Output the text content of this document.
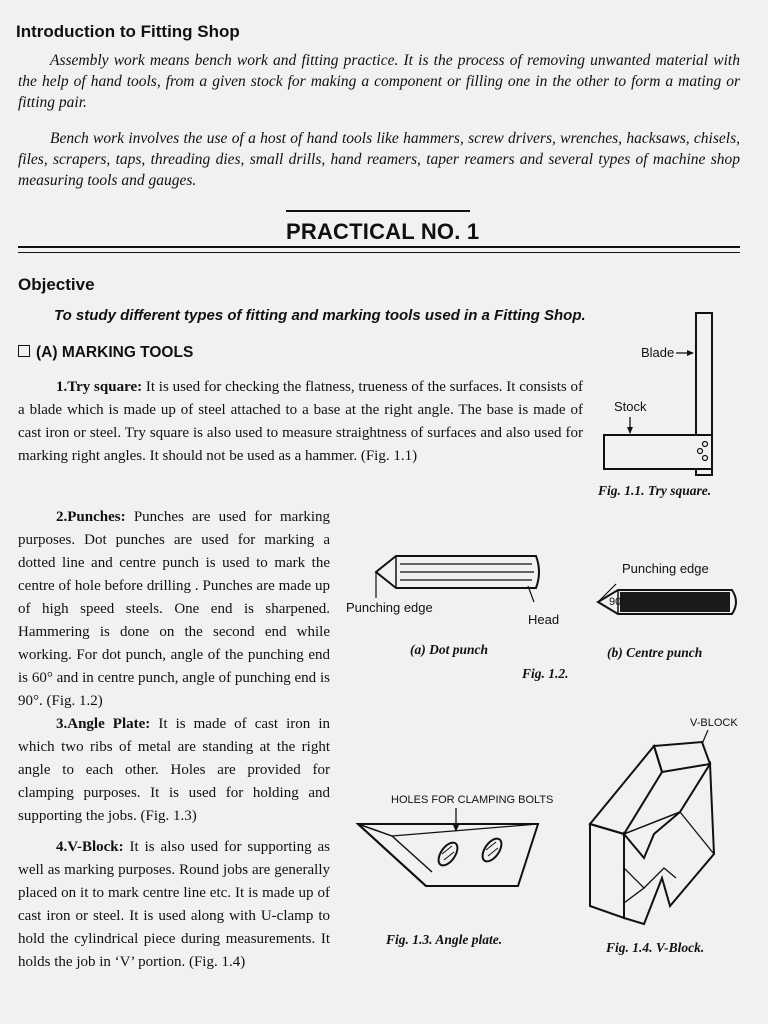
Introduction to Fitting Shop
Assembly work means bench work and fitting practice. It is the process of removing unwanted material with the help of hand tools, from a given stock for making a component or filling one in the other to form a mating or fitting pair.
Bench work involves the use of a host of hand tools like hammers, screw drivers, wrenches, hacksaws, chisels, files, scrapers, taps, threading dies, small drills, hand reamers, taper reamers and several types of machine shop measuring tools and gauges.
PRACTICAL NO. 1
Objective
To study different types of fitting and marking tools used in a Fitting Shop.
(A) MARKING TOOLS
1.Try square: It is used for checking the flatness, trueness of the surfaces. It consists of a blade which is made up of steel attached to a base at the right angle. The base is made of cast iron or steel. Try square is also used to measure straightness of surfaces and also used for marking right angles. It should not be used as a hammer. (Fig. 1.1)
2.Punches: Punches are used for marking purposes. Dot punches are used for marking a dotted line and centre punch is used to mark the centre of hole before drilling . Punches are made up of high speed steels. One end is sharpened. Hammering is done on the second end while working. For dot punch, angle of the punching end is 60° and in centre punch, angle of punching end is 90°. (Fig. 1.2)
3.Angle Plate: It is made of cast iron in which two ribs of metal are standing at the right angle to each other. Holes are provided for clamping purposes. It is used for holding and supporting the jobs. (Fig. 1.3)
4.V-Block: It is also used for supporting as well as marking purposes. Round jobs are generally placed on it to mark centre line etc. It is made up of cast iron or steel. It is used along with U-clamp to hold the cylindrical piece during measurements. It holds the job in ‘V’ portion. (Fig. 1.4)
Blade
Stock
Fig. 1.1. Try square.
Punching edge
Head
(a) Dot punch
Fig. 1.2.
Punching edge
90°
(b) Centre punch
HOLES FOR CLAMPING BOLTS
Fig. 1.3. Angle plate.
V-BLOCK
Fig. 1.4. V-Block.
